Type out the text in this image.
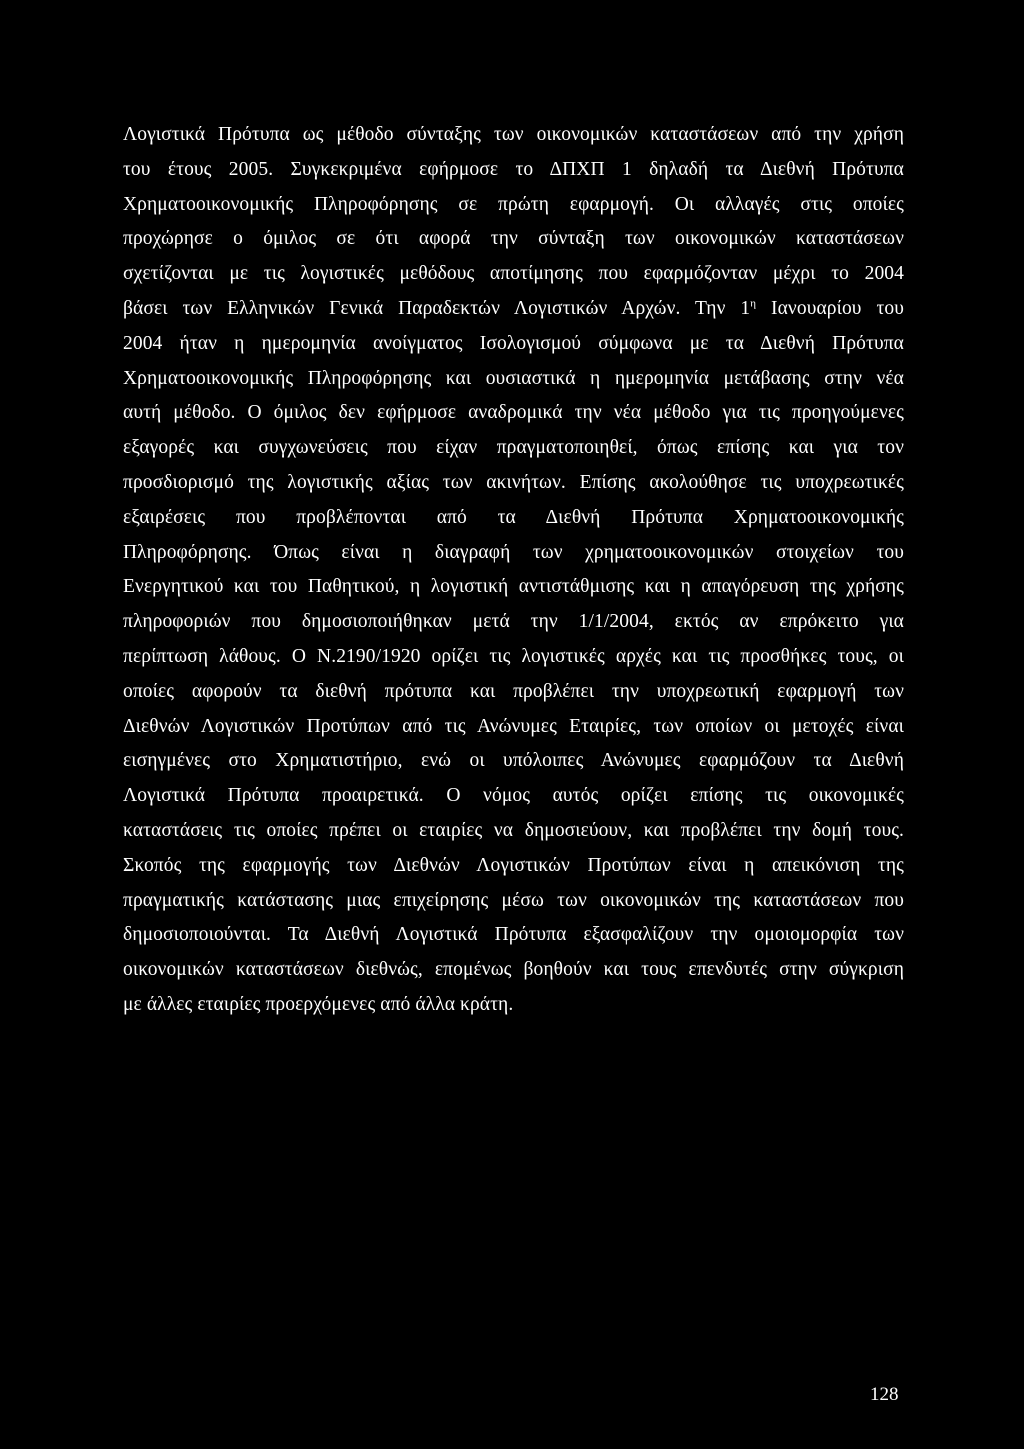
Λογιστικά Πρότυπα ως μέθοδο σύνταξης των οικονομικών καταστάσεων από την χρήση
του έτους 2005. Συγκεκριμένα εφήρμοσε το ΔΠΧΠ 1 δηλαδή τα Διεθνή Πρότυπα
Χρηματοοικονομικής Πληροφόρησης σε πρώτη εφαρμογή. Οι αλλαγές στις οποίες
προχώρησε ο όμιλος σε ότι αφορά την σύνταξη των οικονομικών καταστάσεων
σχετίζονται με τις λογιστικές μεθόδους αποτίμησης που εφαρμόζονταν μέχρι το 2004
βάσει των Ελληνικών Γενικά Παραδεκτών Λογιστικών Αρχών. Την $1^\eta$ Ιανουαρίου του
2004 ήταν η ημερομηνία ανοίγματος Ισολογισμού σύμφωνα με τα Διεθνή Πρότυπα
Χρηματοοικονομικής Πληροφόρησης και ουσιαστικά η ημερομηνία μετάβασης στην νέα
αυτή μέθοδο. Ο όμιλος δεν εφήρμοσε αναδρομικά την νέα μέθοδο για τις προηγούμενες
εξαγορές και συγχωνεύσεις που είχαν πραγματοποιηθεί, όπως επίσης και για τον
προσδιορισμό της λογιστικής αξίας των ακινήτων. Επίσης ακολούθησε τις υποχρεωτικές
εξαιρέσεις που προβλέπονται από τα Διεθνή Πρότυπα Χρηματοοικονομικής
Πληροφόρησης. Όπως είναι η διαγραφή των χρηματοοικονομικών στοιχείων του
Ενεργητικού και του Παθητικού, η λογιστική αντιστάθμισης και η απαγόρευση της χρήσης
πληροφοριών που δημοσιοποιήθηκαν μετά την 1/1/2004, εκτός αν επρόκειτο για
περίπτωση λάθους. Ο Ν.2190/1920 ορίζει τις λογιστικές αρχές και τις προσθήκες τους, οι
οποίες αφορούν τα διεθνή πρότυπα και προβλέπει την υποχρεωτική εφαρμογή των
Διεθνών Λογιστικών Προτύπων από τις Ανώνυμες Εταιρίες, των οποίων οι μετοχές είναι
εισηγμένες στο Χρηματιστήριο, ενώ οι υπόλοιπες Ανώνυμες εφαρμόζουν τα Διεθνή
Λογιστικά Πρότυπα προαιρετικά. Ο νόμος αυτός ορίζει επίσης τις οικονομικές
καταστάσεις τις οποίες πρέπει οι εταιρίες να δημοσιεύουν, και προβλέπει την δομή τους.
Σκοπός της εφαρμογής των Διεθνών Λογιστικών Προτύπων είναι η απεικόνιση της
πραγματικής κατάστασης μιας επιχείρησης μέσω των οικονομικών της καταστάσεων που
δημοσιοποιούνται. Τα Διεθνή Λογιστικά Πρότυπα εξασφαλίζουν την ομοιομορφία των
οικονομικών καταστάσεων διεθνώς, επομένως βοηθούν και τους επενδυτές στην σύγκριση
με άλλες εταιρίες προερχόμενες από άλλα κράτη.

128
